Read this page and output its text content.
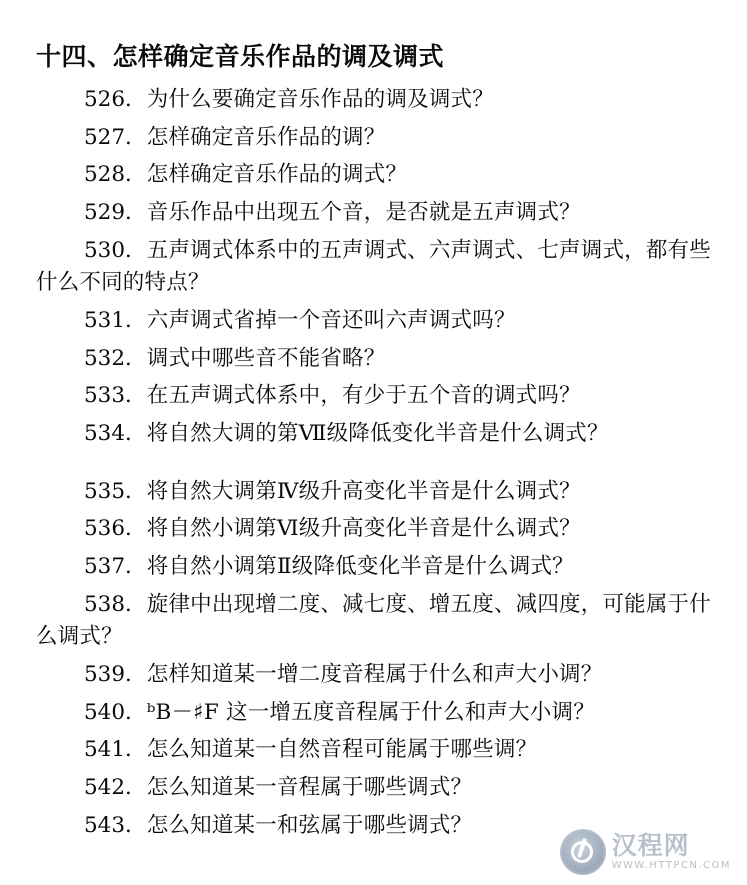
十四、怎样确定音乐作品的调及调式

526．为什么要确定音乐作品的调及调式？

527．怎样确定音乐作品的调？

528．怎样确定音乐作品的调式？

529．音乐作品中出现五个音，是否就是五声调式？

530．五声调式体系中的五声调式、六声调式、七声调式，都有些什么不同的特点？

531．六声调式省掉一个音还叫六声调式吗？

532．调式中哪些音不能省略？

533．在五声调式体系中，有少于五个音的调式吗？

534．将自然大调的第Ⅶ级降低变化半音是什么调式？

535．将自然大调第Ⅳ级升高变化半音是什么调式？

536．将自然小调第Ⅵ级升高变化半音是什么调式？

537．将自然小调第Ⅱ级降低变化半音是什么调式？

538．旋律中出现增二度、减七度、增五度、减四度，可能属于什么调式？

539．怎样知道某一增二度音程属于什么和声大小调？

540．ᵇB－♯F 这一增五度音程属于什么和声大小调？

541．怎么知道某一自然音程可能属于哪些调？

542．怎么知道某一音程属于哪些调式？

543．怎么知道某一和弦属于哪些调式？

汉程网
WWW.HTTPCN.COM
